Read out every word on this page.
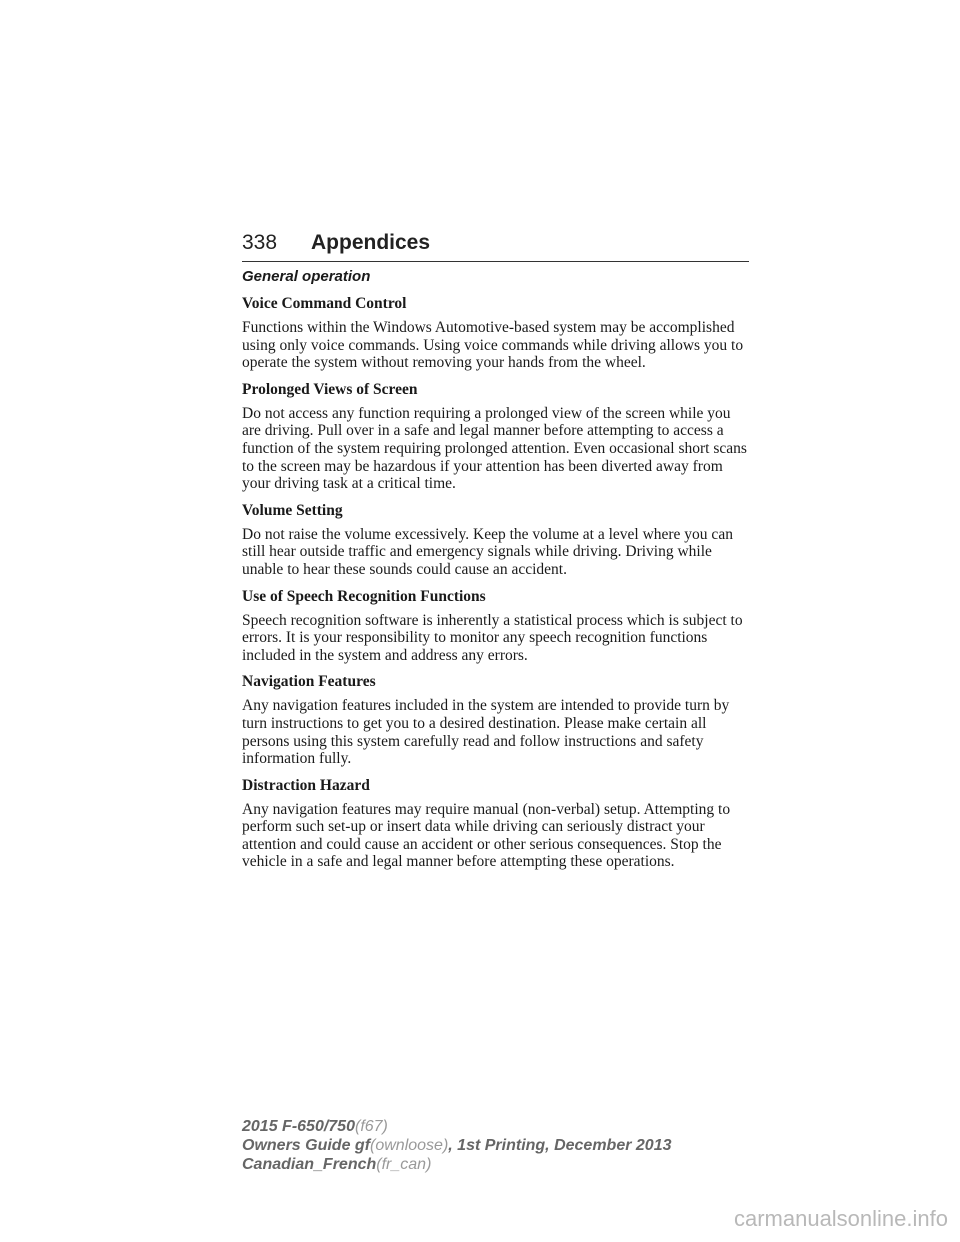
338 Appendices
General operation
Voice Command Control
Functions within the Windows Automotive-based system may be accomplished using only voice commands. Using voice commands while driving allows you to operate the system without removing your hands from the wheel.
Prolonged Views of Screen
Do not access any function requiring a prolonged view of the screen while you are driving. Pull over in a safe and legal manner before attempting to access a function of the system requiring prolonged attention. Even occasional short scans to the screen may be hazardous if your attention has been diverted away from your driving task at a critical time.
Volume Setting
Do not raise the volume excessively. Keep the volume at a level where you can still hear outside traffic and emergency signals while driving. Driving while unable to hear these sounds could cause an accident.
Use of Speech Recognition Functions
Speech recognition software is inherently a statistical process which is subject to errors. It is your responsibility to monitor any speech recognition functions included in the system and address any errors.
Navigation Features
Any navigation features included in the system are intended to provide turn by turn instructions to get you to a desired destination. Please make certain all persons using this system carefully read and follow instructions and safety information fully.
Distraction Hazard
Any navigation features may require manual (non-verbal) setup. Attempting to perform such set-up or insert data while driving can seriously distract your attention and could cause an accident or other serious consequences. Stop the vehicle in a safe and legal manner before attempting these operations.
2015 F-650/750(f67)
Owners Guide gf(ownloose), 1st Printing, December 2013
Canadian_French(fr_can)
carmanualsonline.info
